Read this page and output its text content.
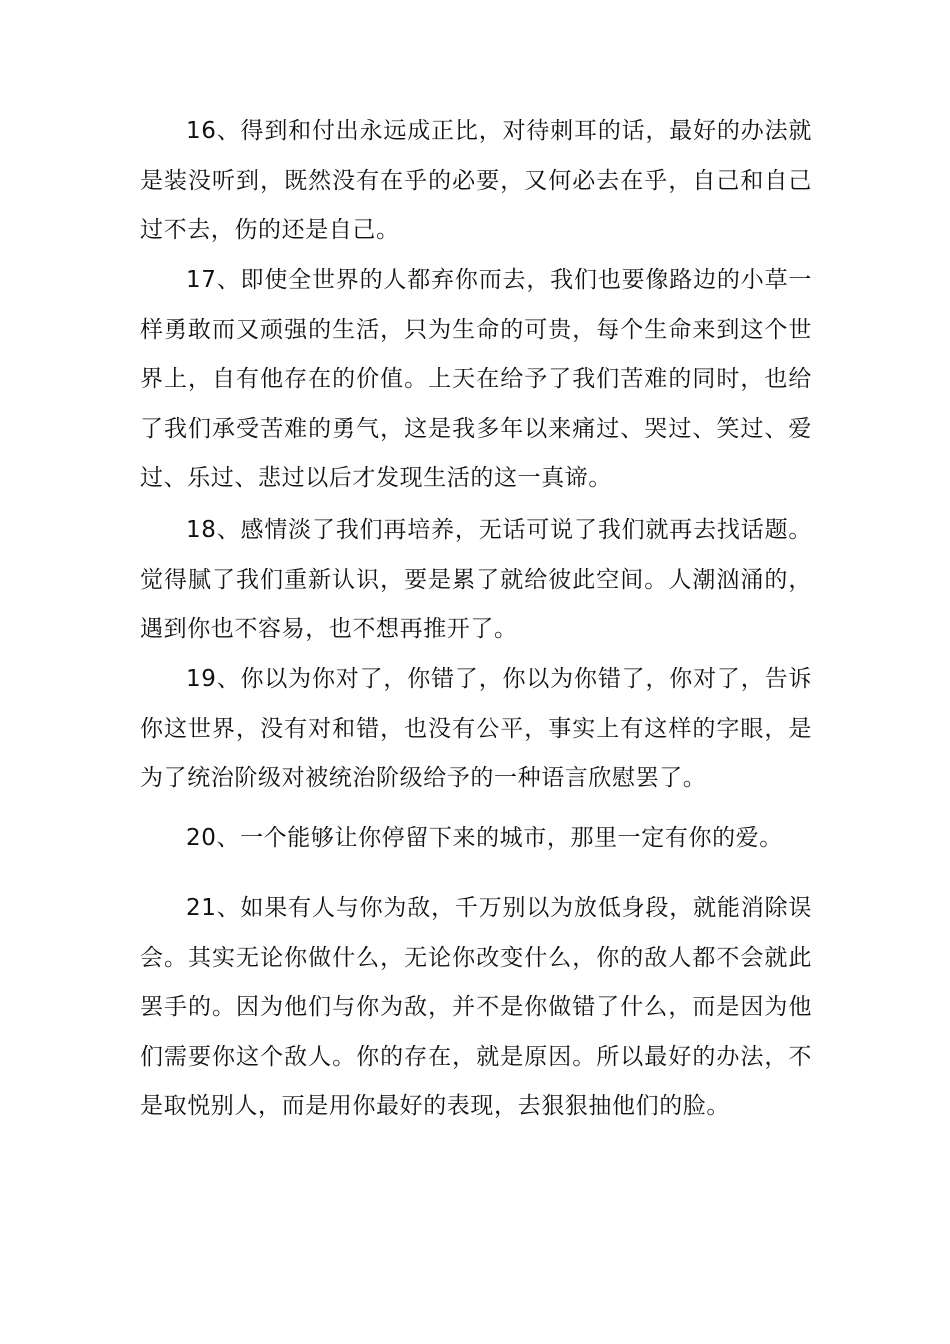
16、得到和付出永远成正比，对待刺耳的话，最好的办法就是装没听到，既然没有在乎的必要，又何必去在乎，自己和自己过不去，伤的还是自己。

17、即使全世界的人都弃你而去，我们也要像路边的小草一样勇敢而又顽强的生活，只为生命的可贵，每个生命来到这个世界上，自有他存在的价值。上天在给予了我们苦难的同时，也给了我们承受苦难的勇气，这是我多年以来痛过、哭过、笑过、爱过、乐过、悲过以后才发现生活的这一真谛。

18、感情淡了我们再培养，无话可说了我们就再去找话题。觉得腻了我们重新认识，要是累了就给彼此空间。人潮汹涌的，遇到你也不容易，也不想再推开了。

19、你以为你对了，你错了，你以为你错了，你对了，告诉你这世界，没有对和错，也没有公平，事实上有这样的字眼，是为了统治阶级对被统治阶级给予的一种语言欣慰罢了。

20、一个能够让你停留下来的城市，那里一定有你的爱。

21、如果有人与你为敌，千万别以为放低身段，就能消除误会。其实无论你做什么，无论你改变什么，你的敌人都不会就此罢手的。因为他们与你为敌，并不是你做错了什么，而是因为他们需要你这个敌人。你的存在，就是原因。所以最好的办法，不是取悦别人，而是用你最好的表现，去狠狠抽他们的脸。
